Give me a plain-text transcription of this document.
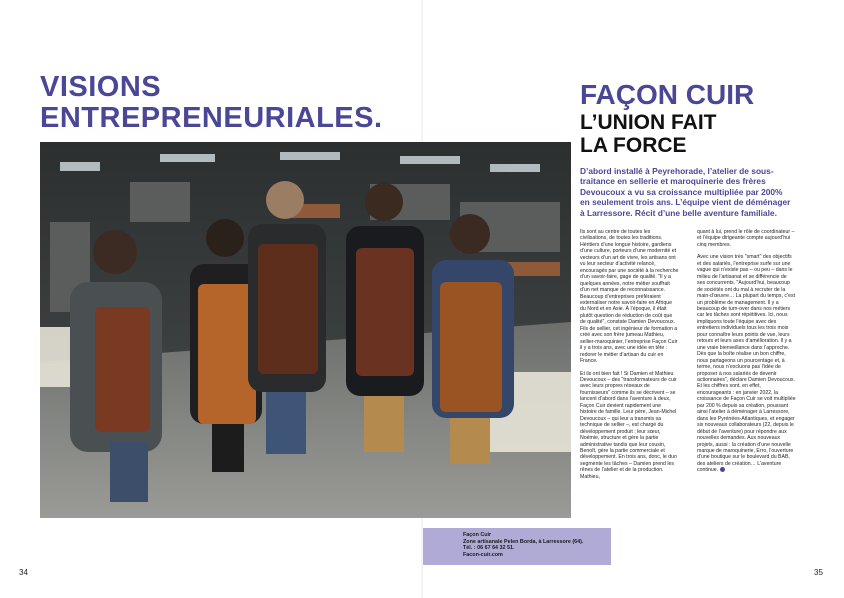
VISIONS
ENTREPRENEURIALES.
FAÇON CUIR
L’UNION FAIT
LA FORCE

D’abord installé à Peyrehorade, l’atelier de sous-traitance en sellerie et maroquinerie des frères Devoucoux a vu sa croissance multipliée par 200% en seulement trois ans. L’équipe vient de déménager à Larressore. Récit d’une belle aventure familiale.

Ils sont au centre de toutes les civilisations, de toutes les traditions. Héritiers d’une longue histoire, gardiens d’une culture, porteurs d’une modernité et vecteurs d’un art de vivre, les artisans ont vu leur secteur d’activité relancé, encouragés par une société à la recherche d’un savoir-faire, gage de qualité. "Il y a quelques années, notre métier souffrait d’un net manque de reconnaissance. Beaucoup d’entreprises préféraient externaliser notre savoir-faire en Afrique du Nord et en Asie. À l’époque, il était plutôt question de réduction de coût que de qualité", constate Damien Devoucoux. Fils de sellier, cet ingénieur de formation a créé avec son frère jumeau Mathieu, sellier-maroquinier, l’entreprise Façon Cuir il y a trois ans, avec une idée en tête : redorer le métier d’artisan du cuir en France.

Et ils ont bien fait ! Si Damien et Mathieu Devoucoux – des "transformateurs de cuir avec leurs propres réseaux de fournisseurs" comme ils se décrivent – se lancent d’abord dans l’aventure à deux, Façon Cuir devient rapidement une histoire de famille. Leur père, Jean-Michel Devoucoux – qui leur a transmis sa technique de sellier –, est chargé du développement produit ; leur sœur, Noémie, structure et gère la partie administrative tandis que leur cousin, Benoît, gère la partie commerciale et développement. En trois ans, donc, le duo segmente les tâches – Damien prend les rênes de l’atelier et de la production. Mathieu,

quant à lui, prend le rôle de coordinateur – et l’équipe dirigeante compte aujourd’hui cinq membres.

Avec une vision très "smart" des objectifs et des salariés, l’entreprise surfe sur une vague qui n’existe pas – ou peu – dans le milieu de l’artisanat et se différencie de ses concurrents. "Aujourd’hui, beaucoup de sociétés ont du mal à recruter de la main-d’œuvre… La plupart du temps, c’est un problème de management. Il y a beaucoup de turn-over dans nos métiers car les tâches sont répétitives. Ici, nous impliquons toute l’équipe avec des entretiens individuels tous les trois mois pour connaître leurs points de vue, leurs retours et leurs axes d’amélioration. Il y a une vraie bienveillance dans l’approche. Dès que la boîte réalise un bon chiffre, nous partageons un pourcentage et, à terme, nous n’excluons pas l’idée de proposer à nos salariés de devenir actionnaires", déclare Damien Devoucoux. Et les chiffres sont, en effet, encourageants : en janvier 2022, la croissance de Façon Cuir se voit multipliée par 200 % depuis sa création, poussant ainsi l’atelier à déménager à Larressore, dans les Pyrénées-Atlantiques, et engager six nouveaux collaborateurs (22, depuis le début de l’aventure) pour répondre aux nouvelles demandes. Aux nouveaux projets, aussi : la création d’une nouvelle marque de maroquinerie, Erro, l’ouverture d’une boutique sur le boulevard du BAB, des ateliers de création… L’aventure continue.

Façon Cuir
Zone artisanale Pelen Borda, à Larressore (64).
Tél. : 06 67 64 32 51.
Facon-cuir.com
34	35
